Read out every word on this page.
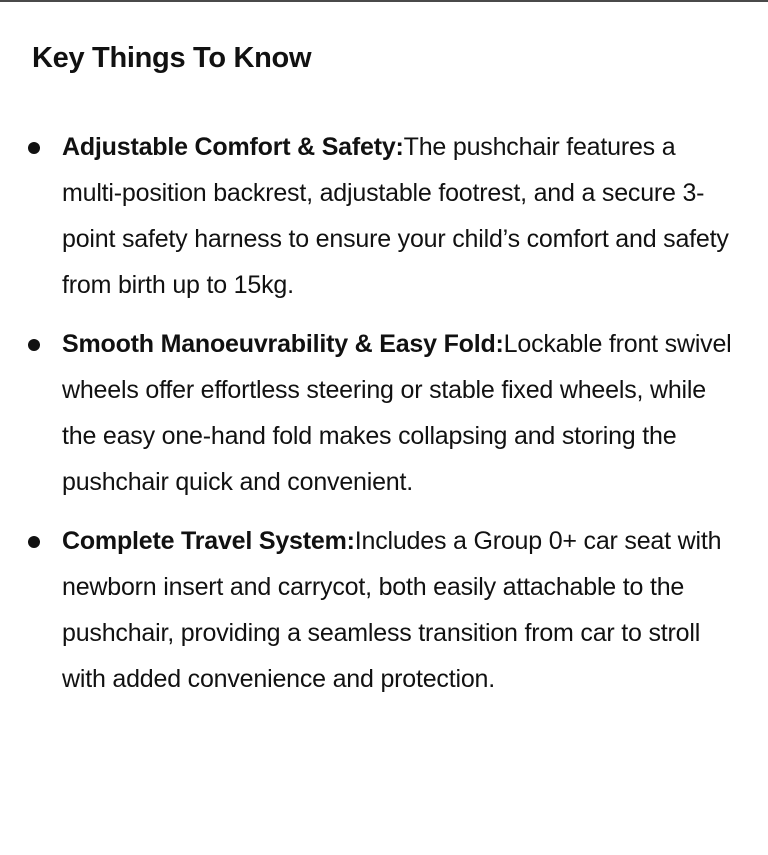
Key Things To Know
Adjustable Comfort & Safety:The pushchair features a multi-position backrest, adjustable footrest, and a secure 3-point safety harness to ensure your child’s comfort and safety from birth up to 15kg.
Smooth Manoeuvrability & Easy Fold:Lockable front swivel wheels offer effortless steering or stable fixed wheels, while the easy one-hand fold makes collapsing and storing the pushchair quick and convenient.
Complete Travel System:Includes a Group 0+ car seat with newborn insert and carrycot, both easily attachable to the pushchair, providing a seamless transition from car to stroll with added convenience and protection.
